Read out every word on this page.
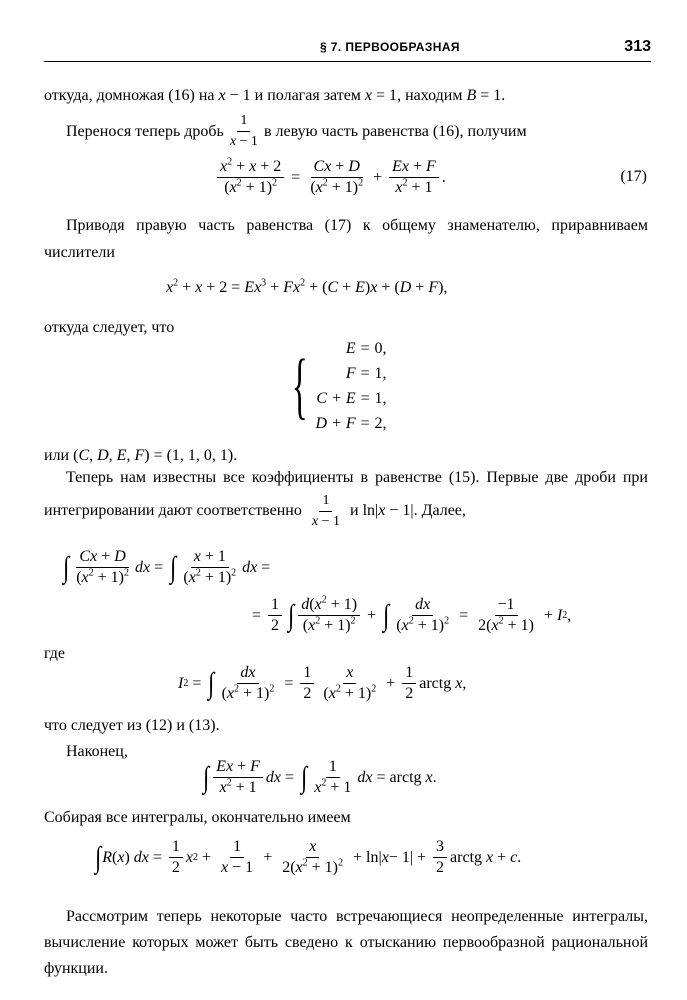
§ 7. ПЕРВООБРАЗНАЯ	313
откуда, домножая (16) на x − 1 и полагая затем x = 1, находим B = 1.
Перенося теперь дробь $\frac{1}{x - 1}$ в левую часть равенства (16), получим
$\frac{x^2 + x + 2}{(x^2 + 1)^2} = \frac{Cx + D}{(x^2 + 1)^2} + \frac{Ex + F}{x^2 + 1}$ .	(17)
Приводя правую часть равенства (17) к общему знаменателю, приравниваем числители
$x^2 + x + 2 = Ex^3 + Fx^2 + (C + E)x + (D + F)$,
откуда следует, что
{	E = 0,
F = 1,
C + E = 1,
D + F = 2,
или (C, D, E, F) = (1, 1, 0, 1).
Теперь нам известны все коэффициенты в равенстве (15). Первые две дроби при интегрировании дают соответственно $\frac{1}{x - 1}$ и ln|x − 1|. Далее,
∫ $\frac{Cx + D}{(x^2 + 1)^2}$ dx = ∫ $\frac{x + 1}{(x^2 + 1)^2}$ dx =
= $\frac{1}{2}$ ∫ $\frac{d(x^2 + 1)}{(x^2 + 1)^2}$ + ∫ $\frac{dx}{(x^2 + 1)^2} = \frac{-1}{2(x^2 + 1)} + I$ 2 ,
где
I 2 = ∫ $\frac{dx}{(x^2 + 1)^2} = \frac{1}{2} \frac{x}{(x^2 + 1)^2} + \frac{1}{2}$ arctg x ,
что следует из (12) и (13).
Наконец,
∫ $\frac{Ex + F}{x^2 + 1}$ dx = ∫ $\frac{1}{x^2 + 1}$ dx = arctg x .
Собирая все интегралы, окончательно имеем
∫ R ( x ) dx = $\frac{1}{2}$ x $2 + \frac{1}{x - 1} + \frac{x}{2(x^2 + 1)^2} + \ln|$ $x - 1| + \frac{3}{2}$ arctg x + c .
Рассмотрим теперь некоторые часто встречающиеся неопределенные интегралы, вычисление которых может быть сведено к отысканию первообразной рациональной функции.
